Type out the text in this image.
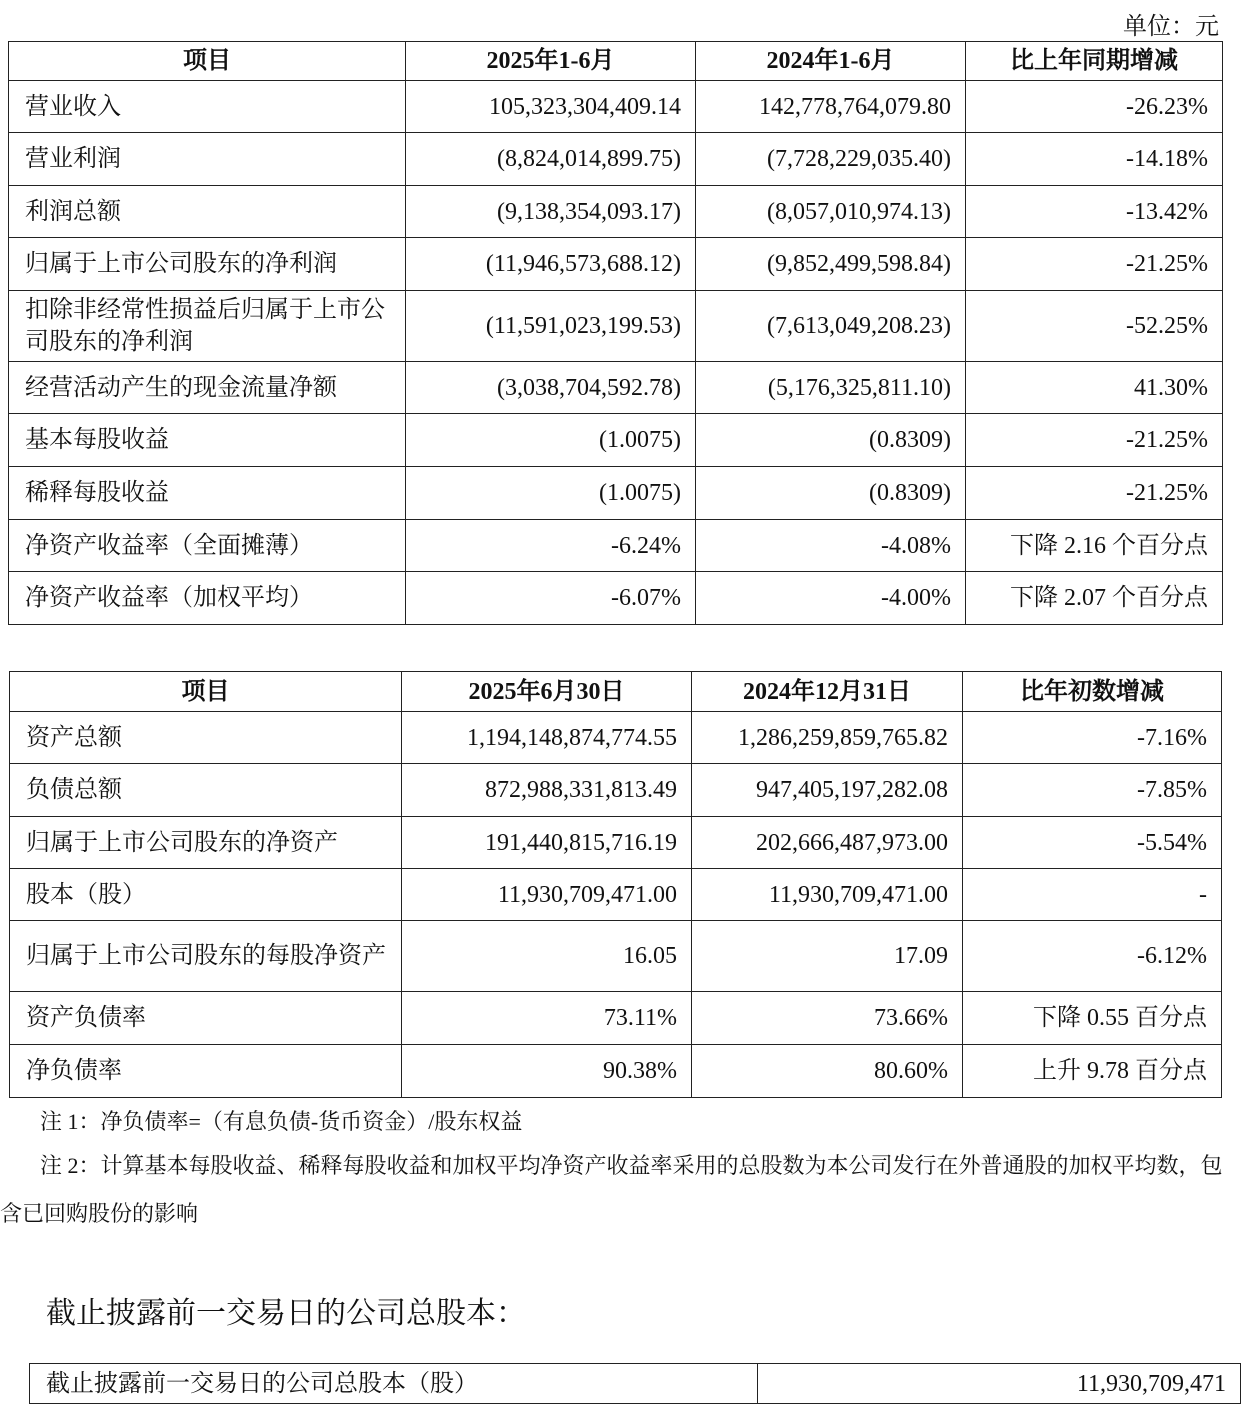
单位：元
项目	2025年1-6月	2024年1-6月	比上年同期增减
营业收入	105,323,304,409.14	142,778,764,079.80	-26.23%
营业利润	(8,824,014,899.75)	(7,728,229,035.40)	-14.18%
利润总额	(9,138,354,093.17)	(8,057,010,974.13)	-13.42%
归属于上市公司股东的净利润	(11,946,573,688.12)	(9,852,499,598.84)	-21.25%
扣除非经常性损益后归属于上市公司股东的净利润	(11,591,023,199.53)	(7,613,049,208.23)	-52.25%
经营活动产生的现金流量净额	(3,038,704,592.78)	(5,176,325,811.10)	41.30%
基本每股收益	(1.0075)	(0.8309)	-21.25%
稀释每股收益	(1.0075)	(0.8309)	-21.25%
净资产收益率（全面摊薄）	-6.24%	-4.08%	下降 2.16 个百分点
净资产收益率（加权平均）	-6.07%	-4.00%	下降 2.07 个百分点
项目	2025年6月30日	2024年12月31日	比年初数增减
资产总额	1,194,148,874,774.55	1,286,259,859,765.82	-7.16%
负债总额	872,988,331,813.49	947,405,197,282.08	-7.85%
归属于上市公司股东的净资产	191,440,815,716.19	202,666,487,973.00	-5.54%
股本（股）	11,930,709,471.00	11,930,709,471.00	-
归属于上市公司股东的每股净资产	16.05	17.09	-6.12%
资产负债率	73.11%	73.66%	下降 0.55 百分点
净负债率	90.38%	80.60%	上升 9.78 百分点
注 1：净负债率=（有息负债-货币资金）/股东权益
注 2：计算基本每股收益、稀释每股收益和加权平均净资产收益率采用的总股数为本公司发行在外普通股的加权平均数，包含已回购股份的影响
截止披露前一交易日的公司总股本：
截止披露前一交易日的公司总股本（股）	11,930,709,471
